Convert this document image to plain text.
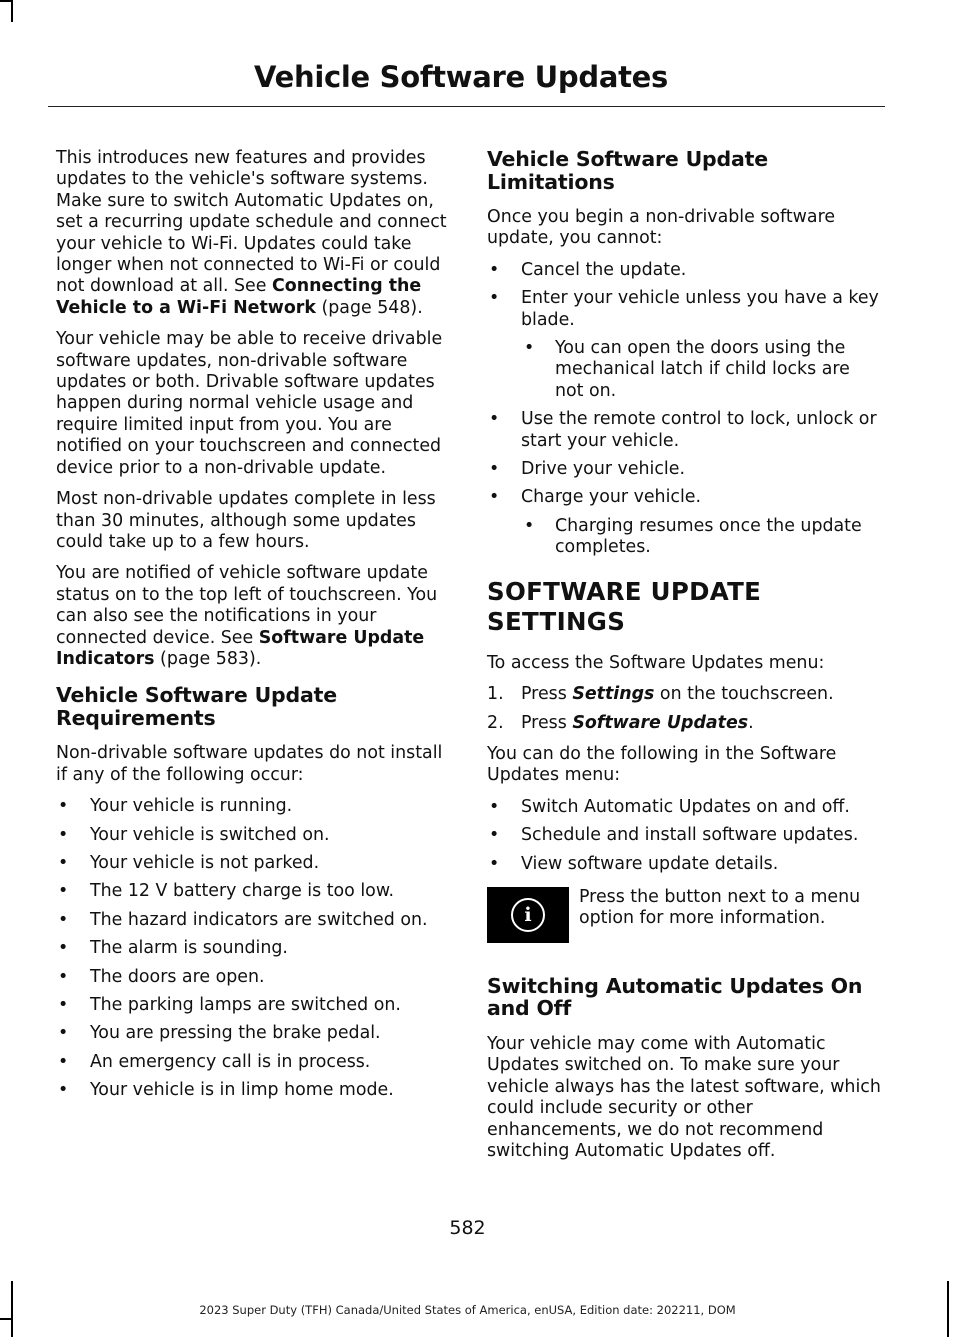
Vehicle Software Updates

This introduces new features and provides updates to the vehicle's software systems. Make sure to switch Automatic Updates on, set a recurring update schedule and connect your vehicle to Wi-Fi. Updates could take longer when not connected to Wi-Fi or could not download at all. See Connecting the Vehicle to a Wi-Fi Network (page 548).

Your vehicle may be able to receive drivable software updates, non-drivable software updates or both. Drivable software updates happen during normal vehicle usage and require limited input from you. You are notified on your touchscreen and connected device prior to a non-drivable update.

Most non-drivable updates complete in less than 30 minutes, although some updates could take up to a few hours.

You are notified of vehicle software update status on to the top left of touchscreen. You can also see the notifications in your connected device. See Software Update Indicators (page 583).

Vehicle Software Update Requirements

Non-drivable software updates do not install if any of the following occur:

• Your vehicle is running.
• Your vehicle is switched on.
• Your vehicle is not parked.
• The 12 V battery charge is too low.
• The hazard indicators are switched on.
• The alarm is sounding.
• The doors are open.
• The parking lamps are switched on.
• You are pressing the brake pedal.
• An emergency call is in process.
• Your vehicle is in limp home mode.
Vehicle Software Update Limitations

Once you begin a non-drivable software update, you cannot:

• Cancel the update.
• Enter your vehicle unless you have a key blade.
• You can open the doors using the mechanical latch if child locks are not on.
• Use the remote control to lock, unlock or start your vehicle.
• Drive your vehicle.
• Charge your vehicle.
• Charging resumes once the update completes.
SOFTWARE UPDATE
SETTINGS

To access the Software Updates menu:

1. Press Settings on the touchscreen.
2. Press Software Updates.

You can do the following in the Software Updates menu:

• Switch Automatic Updates on and off.
• Schedule and install software updates.
• View software update details.
i
Press the button next to a menu option for more information.
Switching Automatic Updates On and Off

Your vehicle may come with Automatic Updates switched on. To make sure your vehicle always has the latest software, which could include security or other enhancements, we do not recommend switching Automatic Updates off.

582
2023 Super Duty (TFH) Canada/United States of America, enUSA, Edition date: 202211, DOM
